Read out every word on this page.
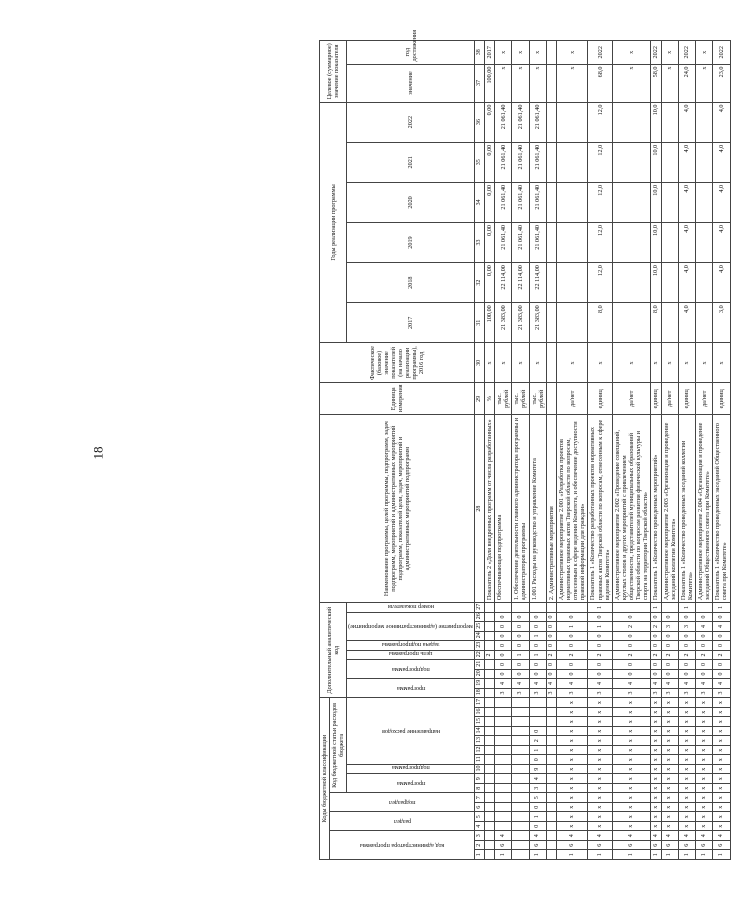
18
Коды бюджетной классификации																	Дополнительный аналитический код										Наименование программы, целей программы, подпрограмм, задач подпрограмм, мероприятий и административных мероприятий подпрограмм, показателей цели, задач, мероприятий и административных мероприятий подпрограмм	Единица измерения	Фактическое (базовое) значение показателей (на начало реализации программы), 2016 год	Годы реализации программы						Целевое (суммарное) значение показателя	

код администратора программы			раздел		подраздел		Код бюджетной статьи расходов бюджета																														

							программа		подпрограмма	направление расходов							программа		подпрограмма		цель программы	задача подпрограммы	мероприятие (административное мероприятие)			номер показателя											

																														2017	2018	2019	2020	2021	2022	значение	год достижения
1	2	3	4	5	6	7	8	9	10	11	12	13	14	15	16	17	18	19	20	21	22	23	24	25	26	27	28	29	30	31	32	33	34	35	36	37	38
																					2						Показатель 2 «Доля внедренных программ от числа разработанных»	%	х	100,00	0,00	0,00	0,00	0,00	0,00	100,00	2017
1	6	4															3	4	0	0	0	0	0	0	0		Обеспечивающая подпрограмма	тыс. рублей	х	21 383,00	22 114,00	21 061,40	21 061,40	21 061,40	21 061,40	х	х
																	3	4	0	0	1	0	0	0	0		1. Обеспечение деятельности главного администратора программы и администраторов программы	тыс. рублей	х	21 383,00	22 114,00	21 061,40	21 061,40	21 061,40	21 061,40	х	х
1	6	4	0	1	0	5	3	4	9	0	1	2	0				3	4	0	0	1	0	1	0	0		1.001 Расходы на руководство и управление Комитета	тыс. рублей	х	21 383,00	22 114,00	21 061,40	21 061,40	21 061,40	21 061,40	х	х
																	3	4	0	0	2	0	0	0	0		2. Административные мероприятия										
1	6	4	х	х	х	х	х	х	х	х	х	х	х	х	х	х	3	4	0	0	2	0	0	1	0		Административное мероприятие 2.001 «Разработка проектов нормативных правовых актов Тверской области по вопросам, отнесенным к сфере ведения Комитета, и обеспечение доступности правовой информации для граждан»	да/нет	х							х	х
1	6	4	х	х	х	х	х	х	х	х	х	х	х	х	х	х	3	4	0	0	2	0	0	1	0	1	Показатель 1 «Количество разработанных проектов нормативных правовых актов Тверской области по вопросам, отнесенным к сфере ведения Комитета»	единиц	х	8,0	12,0	12,0	12,0	12,0	12,0	68,0	2022
1	6	4	х	х	х	х	х	х	х	х	х	х	х	х	х	х	3	4	0	0	2	0	0	2	0		Административное мероприятие 2.002 «Проведение совещаний, круглых столов и других мероприятий с привлечением общественности, представителей муниципальных образований Тверской области по вопросам развития физической культуры и спорта на территории Тверской области»	да/нет	х							х	х
1	6	4	х	х	х	х	х	х	х	х	х	х	х	х	х	х	3	4	0	0	2	0	0	2	0	1	Показатель 1 «Количество проведенных мероприятий»	единиц	х	8,0	10,0	10,0	10,0	10,0	10,0	58,0	2022
1	6	4	х	х	х	х	х	х	х	х	х	х	х	х	х	х	3	4	0	0	2	0	0	3	0		Административное мероприятие 2.003 «Организация и проведение заседаний коллегии Комитета»	да/нет	х							х	х
1	6	4	х	х	х	х	х	х	х	х	х	х	х	х	х	х	3	4	0	0	2	0	0	3	0	1	Показатель 1 «Количество проведенных заседаний коллегии Комитета»	единиц	х	4,0	4,0	4,0	4,0	4,0	4,0	24,0	2022
1	6	4	х	х	х	х	х	х	х	х	х	х	х	х	х	х	3	4	0	0	2	0	0	4	0		Административное мероприятие 2.004 «Организация и проведение заседаний Общественного совета при Комитете»	да/нет	х							х	х
1	6	4	х	х	х	х	х	х	х	х	х	х	х	х	х	х	3	4	0	0	2	0	0	4	0	1	Показатель 1 «Количество проведенных заседаний Общественного совета при Комитете»	единиц	х	3,0	4,0	4,0	4,0	4,0	4,0	23,0	2022
